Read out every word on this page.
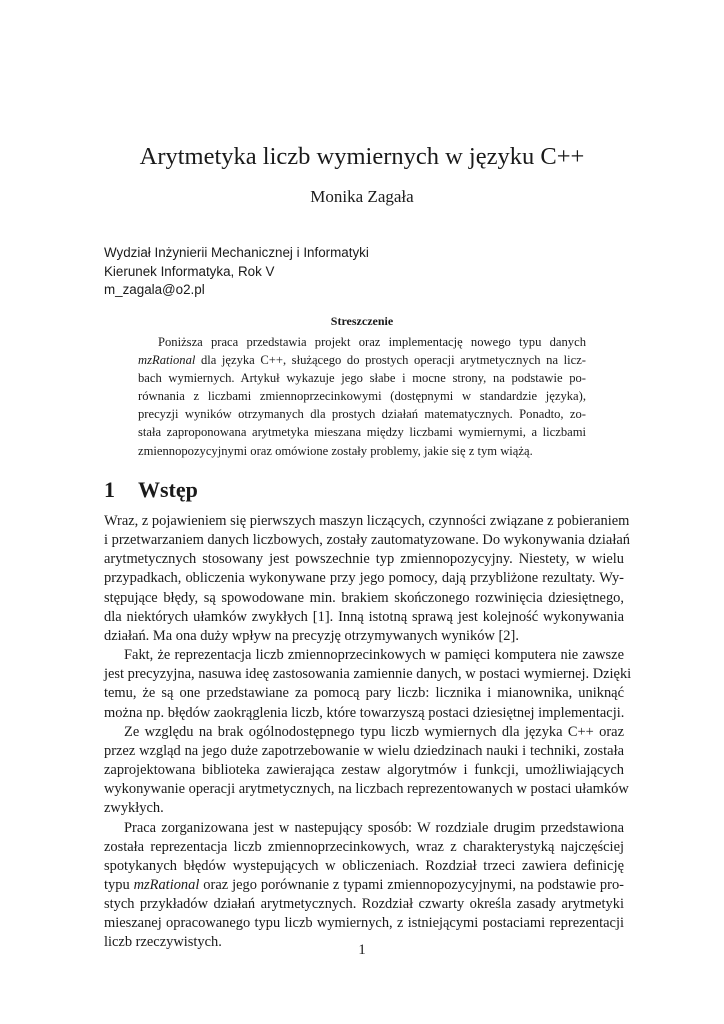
Arytmetyka liczb wymiernych w języku C++
Monika Zagała
Wydział Inżynierii Mechanicznej i Informatyki
Kierunek Informatyka, Rok V
m_zagala@o2.pl
Streszczenie
Poniższa praca przedstawia projekt oraz implementację nowego typu danych
mzRational dla języka C++, służącego do prostych operacji arytmetycznych na licz-
bach wymiernych. Artykuł wykazuje jego słabe i mocne strony, na podstawie po-
równania z liczbami zmiennoprzecinkowymi (dostępnymi w standardzie języka),
precyzji wyników otrzymanych dla prostych działań matematycznych. Ponadto, zo-
stała zaproponowana arytmetyka mieszana między liczbami wymiernymi, a liczbami
zmiennopozycyjnymi oraz omówione zostały problemy, jakie się z tym wiążą.
1 Wstęp
Wraz, z pojawieniem się pierwszych maszyn liczących, czynności związane z pobieraniem
i przetwarzaniem danych liczbowych, zostały zautomatyzowane. Do wykonywania działań
arytmetycznych stosowany jest powszechnie typ zmiennopozycyjny. Niestety, w wielu
przypadkach, obliczenia wykonywane przy jego pomocy, dają przybliżone rezultaty. Wy-
stępujące błędy, są spowodowane min. brakiem skończonego rozwinięcia dziesiętnego,
dla niektórych ułamków zwykłych [1]. Inną istotną sprawą jest kolejność wykonywania
działań. Ma ona duży wpływ na precyzję otrzymywanych wyników [2].
Fakt, że reprezentacja liczb zmiennoprzecinkowych w pamięci komputera nie zawsze
jest precyzyjna, nasuwa ideę zastosowania zamiennie danych, w postaci wymiernej. Dzięki
temu, że są one przedstawiane za pomocą pary liczb: licznika i mianownika, uniknąć
można np. błędów zaokrąglenia liczb, które towarzyszą postaci dziesiętnej implementacji.
Ze względu na brak ogólnodostępnego typu liczb wymiernych dla języka C++ oraz
przez wzgląd na jego duże zapotrzebowanie w wielu dziedzinach nauki i techniki, została
zaprojektowana biblioteka zawierająca zestaw algorytmów i funkcji, umożliwiających
wykonywanie operacji arytmetycznych, na liczbach reprezentowanych w postaci ułamków
zwykłych.
Praca zorganizowana jest w nastepujący sposób: W rozdziale drugim przedstawiona
została reprezentacja liczb zmiennoprzecinkowych, wraz z charakterystyką najczęściej
spotykanych błędów wystepujących w obliczeniach. Rozdział trzeci zawiera definicję
typu mzRational oraz jego porównanie z typami zmiennopozycyjnymi, na podstawie pro-
stych przykładów działań arytmetycznych. Rozdział czwarty określa zasady arytmetyki
mieszanej opracowanego typu liczb wymiernych, z istniejącymi postaciami reprezentacji
liczb rzeczywistych.	1
